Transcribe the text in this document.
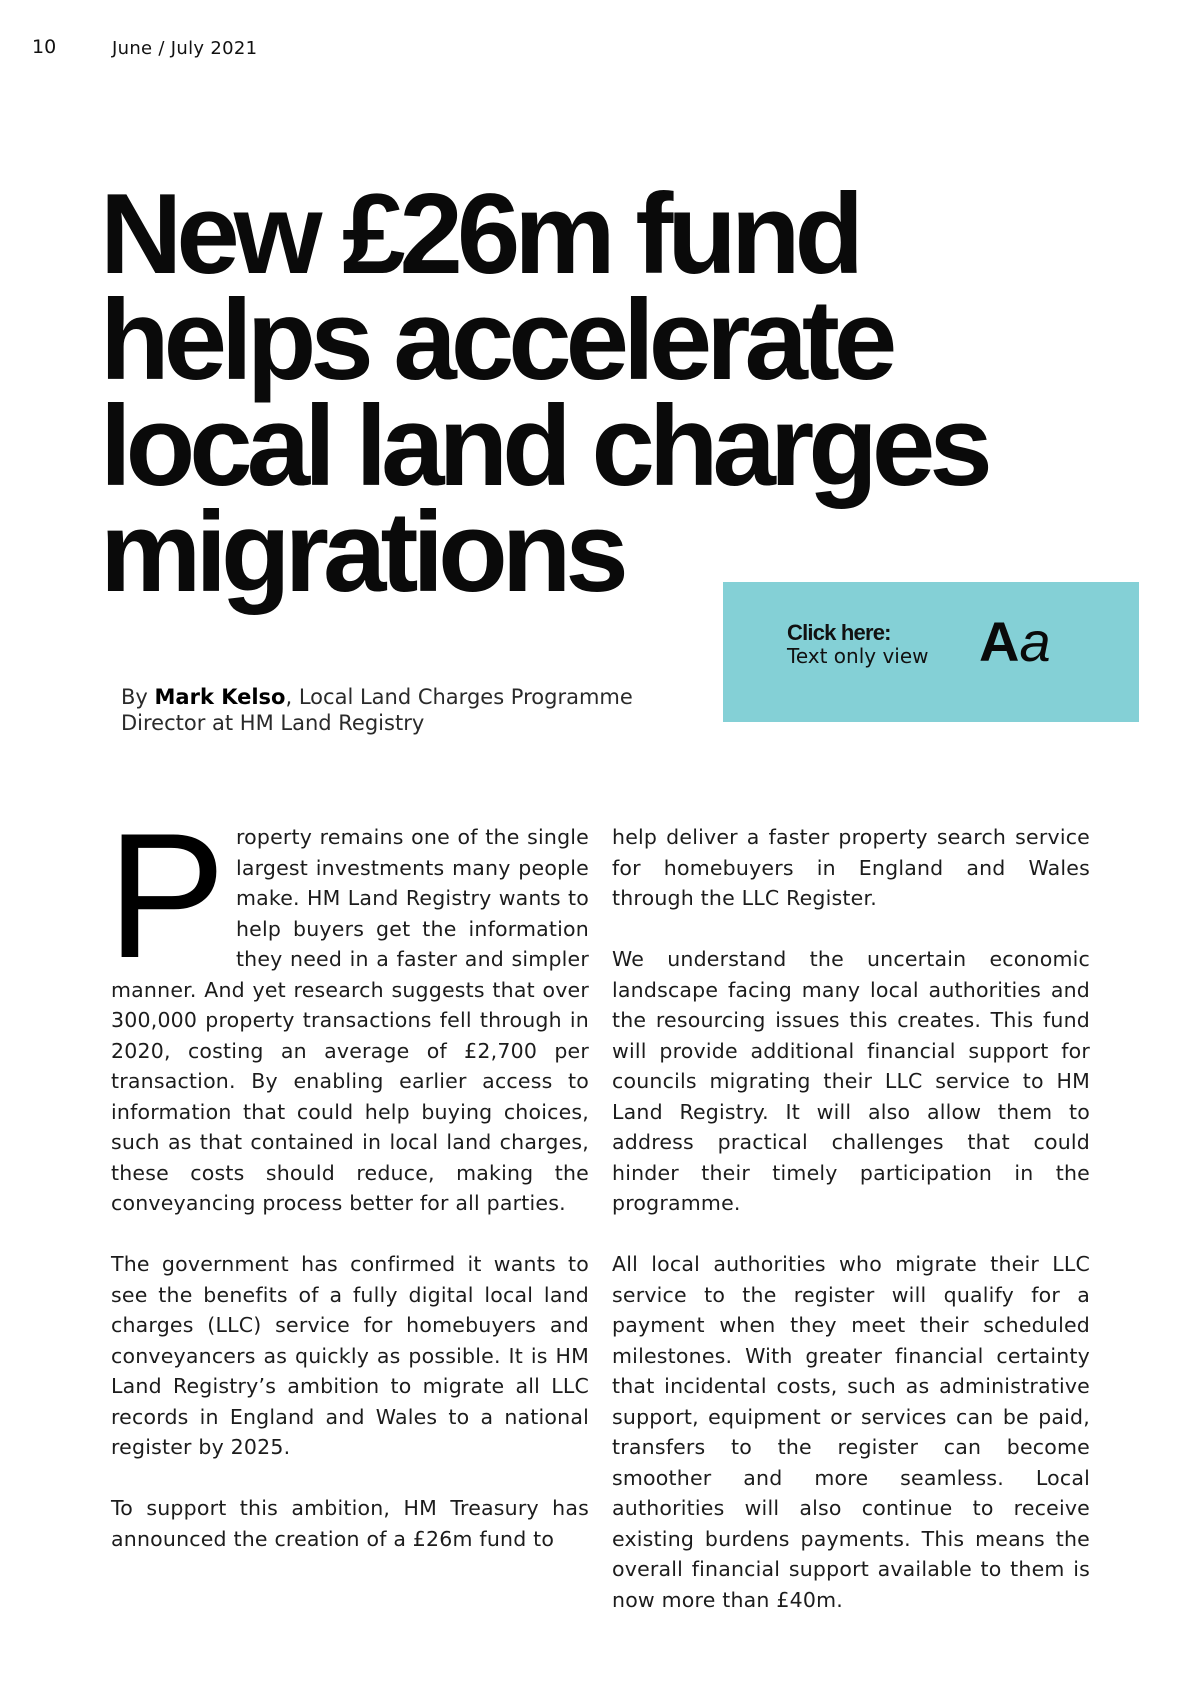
10	June / July 2021
New £26m fund
helps accelerate
local land charges
migrations
By Mark Kelso, Local Land Charges Programme Director at HM Land Registry
Click here:
Text only view Aa

Property remains one of the single largest investments many people make. HM Land Registry wants to help buyers get the information they need in a faster and simpler manner. And yet research suggests that over 300,000 property transactions fell through in 2020, costing an average of £2,700 per transaction. By enabling earlier access to information that could help buying choices, such as that contained in local land charges, these costs should reduce, making the conveyancing process better for all parties.

The government has confirmed it wants to see the benefits of a fully digital local land charges (LLC) service for homebuyers and conveyancers as quickly as possible. It is HM Land Registry’s ambition to migrate all LLC records in England and Wales to a national register by 2025.

To support this ambition, HM Treasury has announced the creation of a £26m fund to

help deliver a faster property search service for homebuyers in England and Wales through the LLC Register.

We understand the uncertain economic landscape facing many local authorities and the resourcing issues this creates. This fund will provide additional financial support for councils migrating their LLC service to HM Land Registry. It will also allow them to address practical challenges that could hinder their timely participation in the programme.

All local authorities who migrate their LLC service to the register will qualify for a payment when they meet their scheduled milestones. With greater financial certainty that incidental costs, such as administrative support, equipment or services can be paid, transfers to the register can become smoother and more seamless. Local authorities will also continue to receive existing burdens payments. This means the overall financial support available to them is now more than £40m.
